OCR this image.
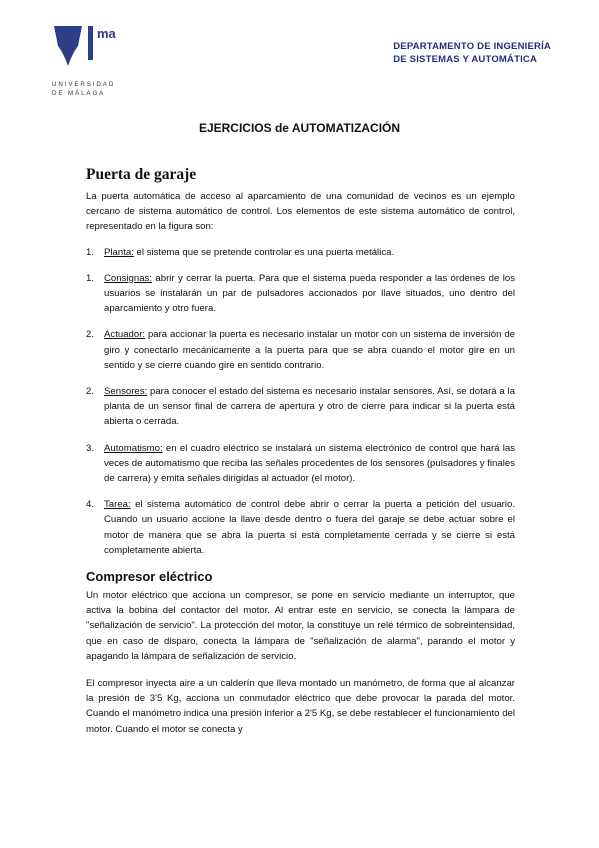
ma
UNIVERSIDAD
DE MÁLAGA
DEPARTAMENTO DE INGENIERÍA
DE SISTEMAS Y AUTOMÁTICA
EJERCICIOS de AUTOMATIZACIÓN
Puerta de garaje

La puerta automática de acceso al aparcamiento de una comunidad de vecinos es un ejemplo cercano de sistema automático de control. Los elementos de este sistema automático de control, representado en la figura son:

1. Planta: el sistema que se pretende controlar es una puerta metálica.
1. Consignas: abrir y cerrar la puerta. Para que el sistema pueda responder a las órdenes de los usuarios se instalarán un par de pulsadores accionados por llave situados, uno dentro del aparcamiento y otro fuera.
2. Actuador: para accionar la puerta es necesario instalar un motor con un sistema de inversión de giro y conectarlo mecánicamente a la puerta para que se abra cuando el motor gire en un sentido y se cierre cuando gire en sentido contrario.
2. Sensores: para conocer el estado del sistema es necesario instalar sensores. Así, se dotará a la planta de un sensor final de carrera de apertura y otro de cierre para indicar si la puerta está abierta o cerrada.
3. Automatismo: en el cuadro eléctrico se instalará un sistema electrónico de control que hará las veces de automatismo que reciba las señales procedentes de los sensores (pulsadores y finales de carrera) y emita señales dirigidas al actuador (el motor).
4. Tarea: el sistema automático de control debe abrir o cerrar la puerta a petición del usuario. Cuando un usuario accione la llave desde dentro o fuera del garaje se debe actuar sobre el motor de manera que se abra la puerta si está completamente cerrada y se cierre si está completamente abierta.
Compresor eléctrico

Un motor eléctrico que acciona un compresor, se pone en servicio mediante un interruptor, que activa la bobina del contactor del motor. Al entrar este en servicio, se conecta la lámpara de "señalización de servicio". La protección del motor, la constituye un relé térmico de sobreintensidad, que en caso de disparo, conecta la lámpara de "señalización de alarma", parando el motor y apagando la lámpara de señalización de servicio.

El compresor inyecta aire a un calderín que lleva montado un manómetro, de forma que al alcanzar la presión de 3'5 Kg, acciona un conmutador eléctrico que debe provocar la parada del motor. Cuando el manómetro indica una presión inferior a 2'5 Kg, se debe restablecer el funcionamiento del motor. Cuando el motor se conecta y
